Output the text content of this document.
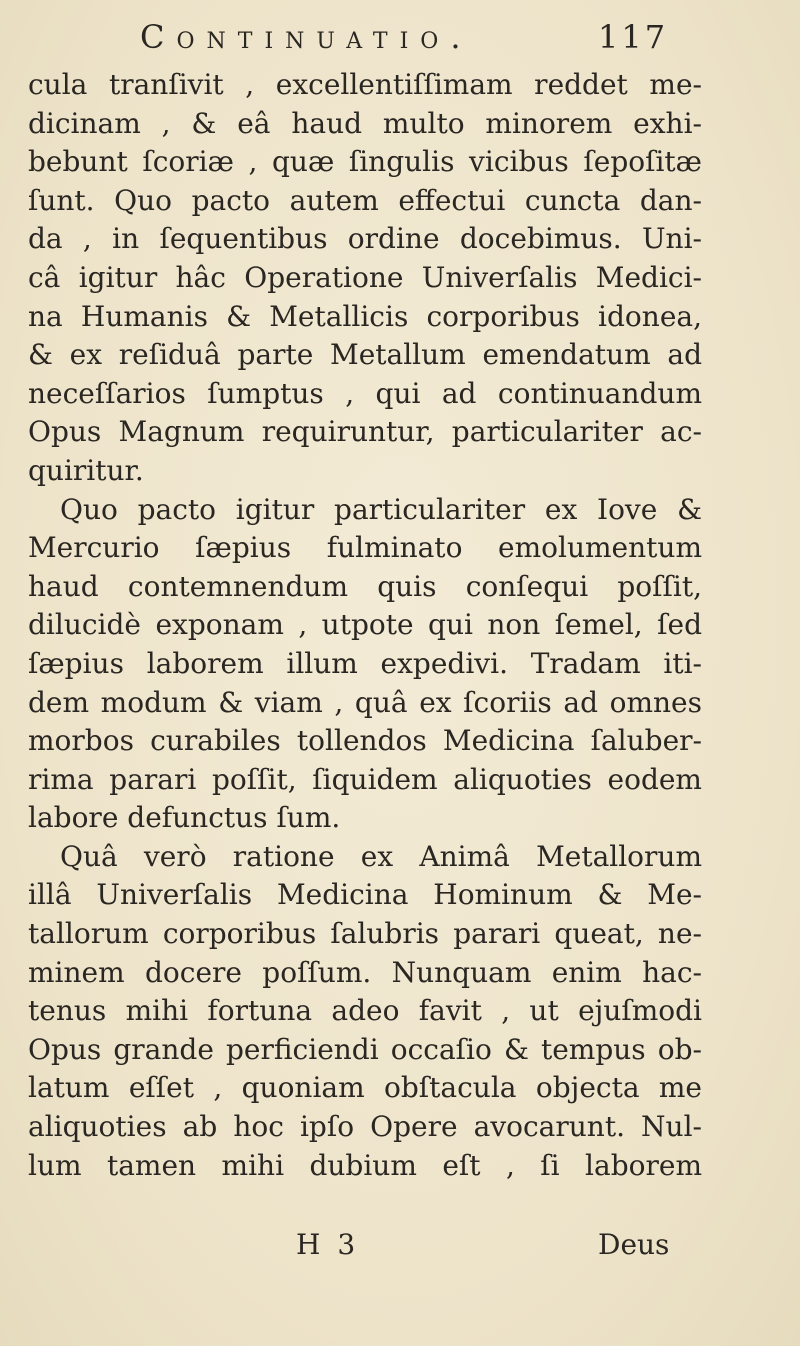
Continuatio.	117
cula tranſivit , excellentiſſimam reddet me-
dicinam , & eâ haud multo minorem exhi-
bebunt ſcoriæ , quæ ſingulis vicibus ſepoſitæ
ſunt. Quo pacto autem effectui cuncta dan-
da , in ſequentibus ordine docebimus. Uni-
câ igitur hâc Operatione Univerſalis Medici-
na Humanis & Metallicis corporibus idonea,
& ex reſiduâ parte Metallum emendatum ad
neceſſarios ſumptus , qui ad continuandum
Opus Magnum requiruntur, particulariter ac-
quiritur.
Quo pacto igitur particulariter ex Iove &
Mercurio ſæpius fulminato emolumentum
haud contemnendum quis conſequi poſſit,
dilucidè exponam , utpote qui non ſemel, ſed
ſæpius laborem illum expedivi. Tradam iti-
dem modum & viam , quâ ex ſcoriis ad omnes
morbos curabiles tollendos Medicina ſaluber-
rima parari poſſit, ſiquidem aliquoties eodem
labore defunctus ſum.
Quâ verò ratione ex Animâ Metallorum
illâ Univerſalis Medicina Hominum & Me-
tallorum corporibus ſalubris parari queat, ne-
minem docere poſſum. Nunquam enim hac-
tenus mihi fortuna adeo favit , ut ejuſmodi
Opus grande perficiendi occaſio & tempus ob-
latum eſſet , quoniam obſtacula objecta me
aliquoties ab hoc ipſo Opere avocarunt. Nul-
lum tamen mihi dubium eſt , ſi laborem
H 3	Deus
